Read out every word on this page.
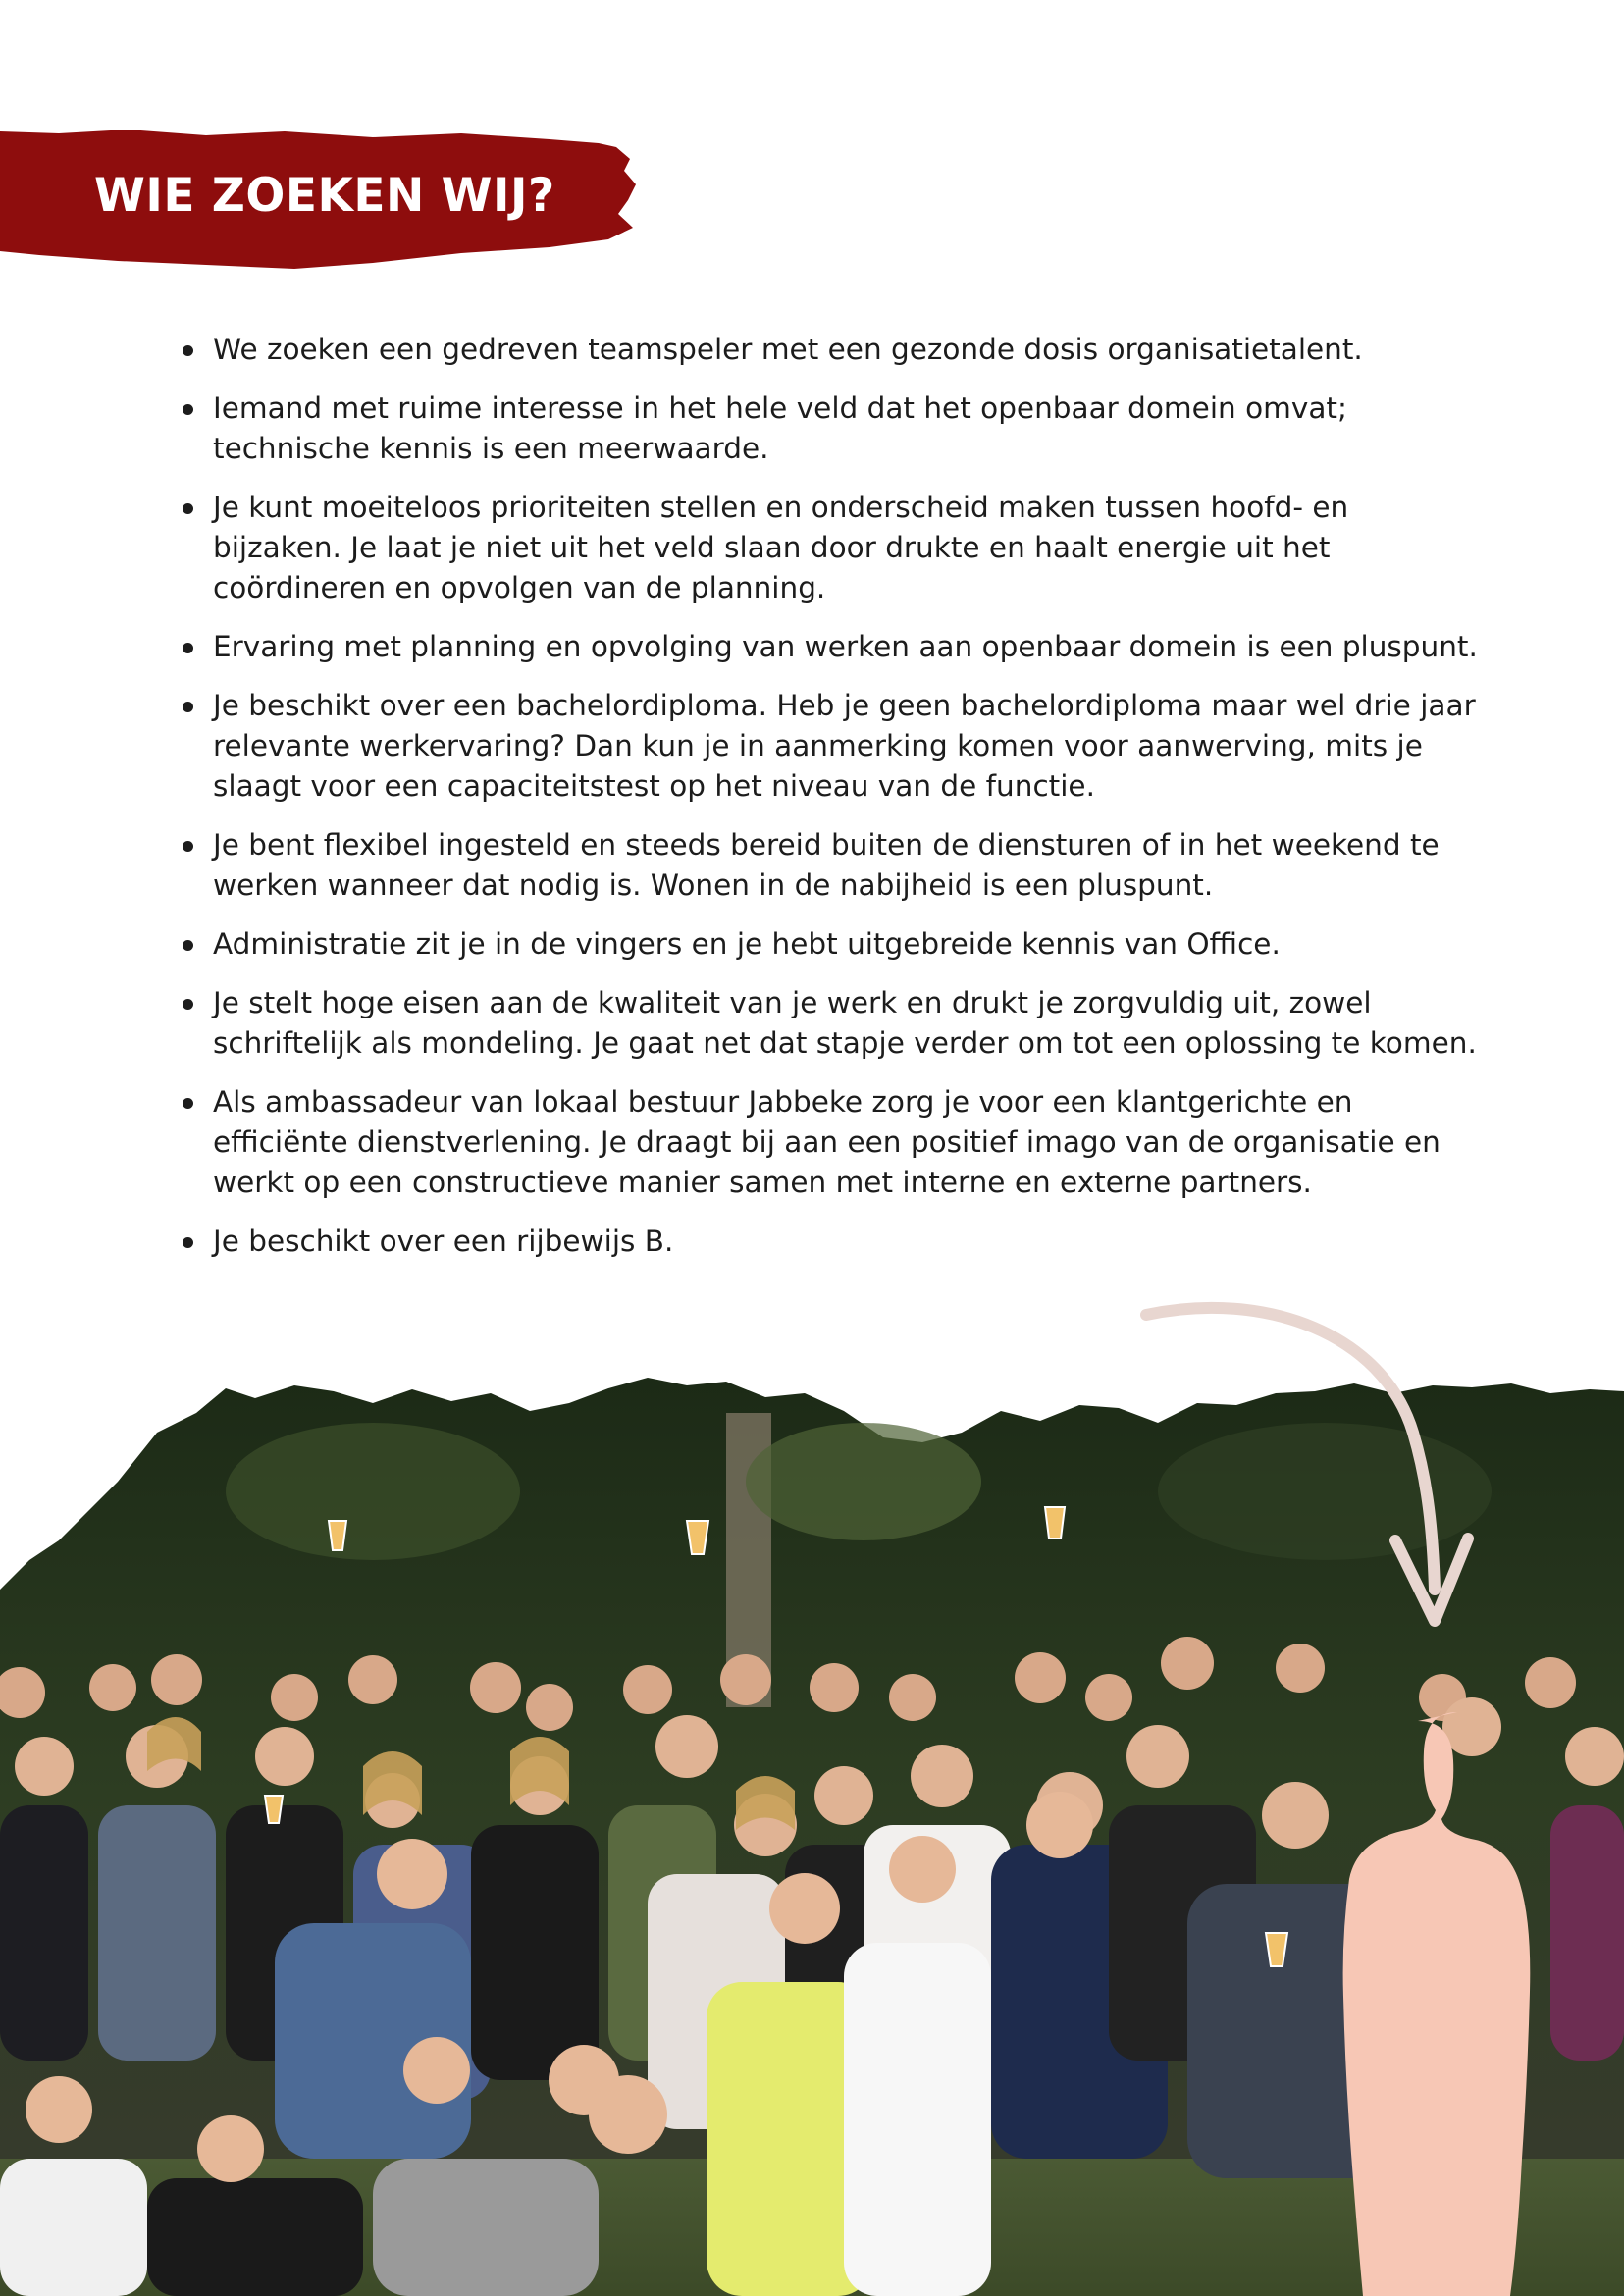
WIE ZOEKEN WIJ?
We zoeken een gedreven teamspeler met een gezonde dosis organisatietalent.
Iemand met ruime interesse in het hele veld dat het openbaar domein omvat; technische kennis is een meerwaarde.
Je kunt moeiteloos prioriteiten stellen en onderscheid maken tussen hoofd- en bijzaken. Je laat je niet uit het veld slaan door drukte en haalt energie uit het coördineren en opvolgen van de planning.
Ervaring met planning en opvolging van werken aan openbaar domein is een pluspunt.
Je beschikt over een bachelordiploma. Heb je geen bachelordiploma maar wel drie jaar relevante werkervaring? Dan kun je in aanmerking komen voor aanwerving, mits je slaagt voor een capaciteitstest op het niveau van de functie.
Je bent flexibel ingesteld en steeds bereid buiten de diensturen of in het weekend te werken wanneer dat nodig is. Wonen in de nabijheid is een pluspunt.
Administratie zit je in de vingers en je hebt uitgebreide kennis van Office.
Je stelt hoge eisen aan de kwaliteit van je werk en drukt je zorgvuldig uit, zowel schriftelijk als mondeling. Je gaat net dat stapje verder om tot een oplossing te komen.
Als ambassadeur van lokaal bestuur Jabbeke zorg je voor een klantgerichte en efficiënte dienstverlening. Je draagt bij aan een positief imago van de organisatie en werkt op een constructieve manier samen met interne en externe partners.
Je beschikt over een rijbewijs B.
